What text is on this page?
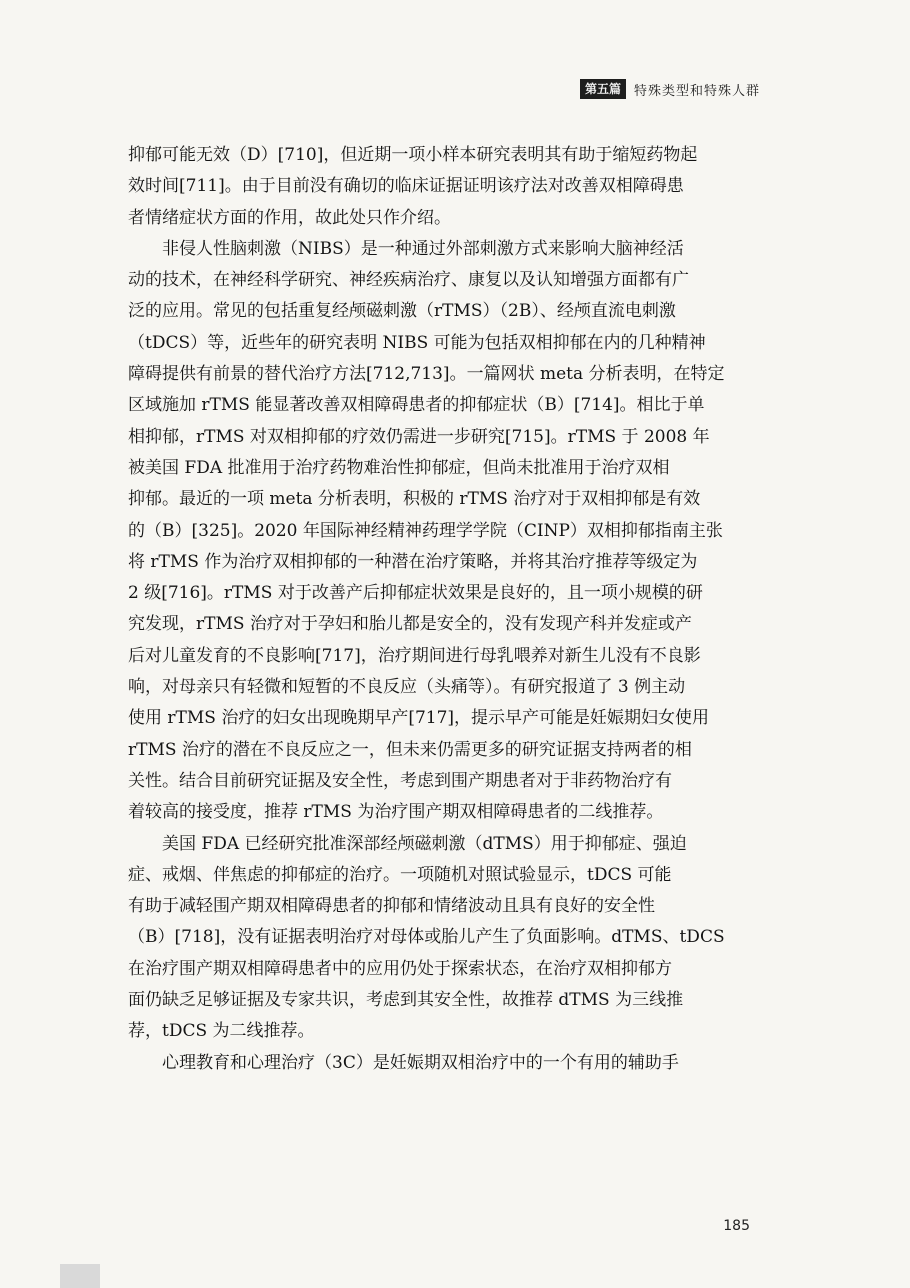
第五篇	特殊类型和特殊人群
抑郁可能无效（D）[710]，但近期一项小样本研究表明其有助于缩短药物起
效时间[711]。由于目前没有确切的临床证据证明该疗法对改善双相障碍患
者情绪症状方面的作用，故此处只作介绍。
非侵人性脑刺激（NIBS）是一种通过外部刺激方式来影响大脑神经活
动的技术，在神经科学研究、神经疾病治疗、康复以及认知增强方面都有广
泛的应用。常见的包括重复经颅磁刺激（rTMS）（2B）、经颅直流电刺激
（tDCS）等，近些年的研究表明 NIBS 可能为包括双相抑郁在内的几种精神
障碍提供有前景的替代治疗方法[712,713]。一篇网状 meta 分析表明，在特定
区域施加 rTMS 能显著改善双相障碍患者的抑郁症状（B）[714]。相比于单
相抑郁，rTMS 对双相抑郁的疗效仍需进一步研究[715]。rTMS 于 2008 年
被美国 FDA 批准用于治疗药物难治性抑郁症，但尚未批准用于治疗双相
抑郁。最近的一项 meta 分析表明，积极的 rTMS 治疗对于双相抑郁是有效
的（B）[325]。2020 年国际神经精神药理学学院（CINP）双相抑郁指南主张
将 rTMS 作为治疗双相抑郁的一种潜在治疗策略，并将其治疗推荐等级定为
2 级[716]。rTMS 对于改善产后抑郁症状效果是良好的，且一项小规模的研
究发现，rTMS 治疗对于孕妇和胎儿都是安全的，没有发现产科并发症或产
后对儿童发育的不良影响[717]，治疗期间进行母乳喂养对新生儿没有不良影
响，对母亲只有轻微和短暂的不良反应（头痛等）。有研究报道了 3 例主动
使用 rTMS 治疗的妇女出现晚期早产[717]，提示早产可能是妊娠期妇女使用
rTMS 治疗的潜在不良反应之一，但未来仍需更多的研究证据支持两者的相
关性。结合目前研究证据及安全性，考虑到围产期患者对于非药物治疗有
着较高的接受度，推荐 rTMS 为治疗围产期双相障碍患者的二线推荐。
美国 FDA 已经研究批准深部经颅磁刺激（dTMS）用于抑郁症、强迫
症、戒烟、伴焦虑的抑郁症的治疗。一项随机对照试验显示，tDCS 可能
有助于减轻围产期双相障碍患者的抑郁和情绪波动且具有良好的安全性
（B）[718]，没有证据表明治疗对母体或胎儿产生了负面影响。dTMS、tDCS
在治疗围产期双相障碍患者中的应用仍处于探索状态，在治疗双相抑郁方
面仍缺乏足够证据及专家共识，考虑到其安全性，故推荐 dTMS 为三线推
荐，tDCS 为二线推荐。
心理教育和心理治疗（3C）是妊娠期双相治疗中的一个有用的辅助手
185
